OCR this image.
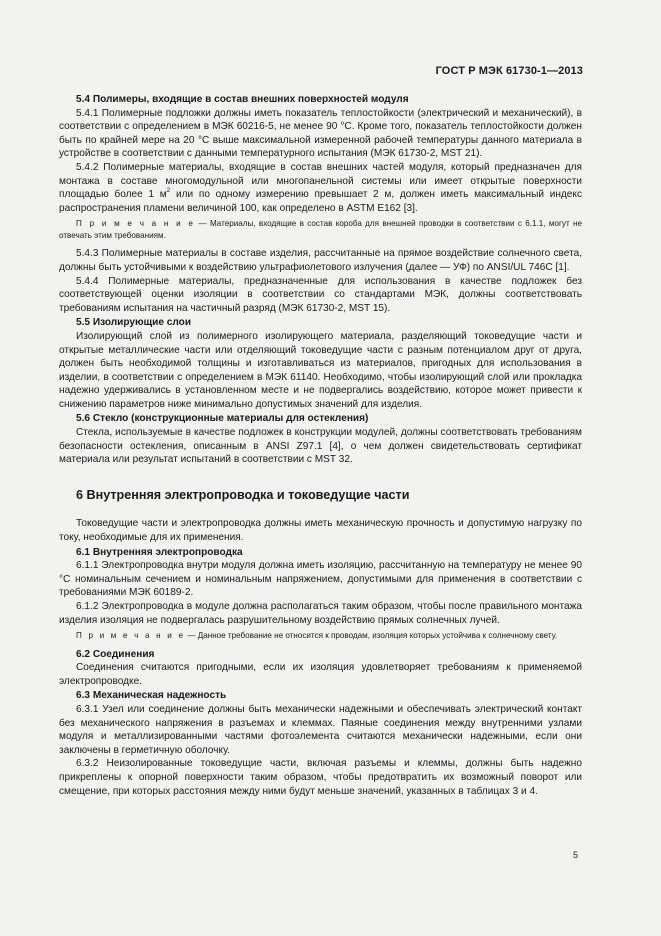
ГОСТ Р МЭК 61730-1—2013

5.4 Полимеры, входящие в состав внешних поверхностей модуля

5.4.1 Полимерные подложки должны иметь показатель теплостойкости (электрический и механический), в соответствии с определением в МЭК 60216-5, не менее 90 °С. Кроме того, показатель теплостойкости должен быть по крайней мере на 20 °С выше максимальной измеренной рабочей температуры данного материала в устройстве в соответствии с данными температурного испытания (МЭК 61730-2, MST 21).

5.4.2 Полимерные материалы, входящие в состав внешних частей модуля, который предназначен для монтажа в составе многомодульной или многопанельной системы или имеет открытые поверхности площадью более 1 $м^2$ или по одному измерению превышает 2 м, должен иметь максимальный индекс распространения пламени величиной 100, как определено в ASTM E162 [3].

П р и м е ч а н и е — Материалы, входящие в состав короба для внешней проводки в соответствии с 6.1.1, могут не отвечать этим требованиям.

5.4.3 Полимерные материалы в составе изделия, рассчитанные на прямое воздействие солнечного света, должны быть устойчивыми к воздействию ультрафиолетового излучения (далее — УФ) по ANSI/UL 746C [1].

5.4.4 Полимерные материалы, предназначенные для использования в качестве подложек без соответствующей оценки изоляции в соответствии со стандартами МЭК, должны соответствовать требованиям испытания на частичный разряд (МЭК 61730-2, MST 15).

5.5 Изолирующие слои

Изолирующий слой из полимерного изолирующего материала, разделяющий токоведущие части и открытые металлические части или отделяющий токоведущие части с разным потенциалом друг от друга, должен быть необходимой толщины и изготавливаться из материалов, пригодных для использования в изделии, в соответствии с определением в МЭК 61140. Необходимо, чтобы изолирующий слой или прокладка надежно удерживались в установленном месте и не подвергались воздействию, которое может привести к снижению параметров ниже минимально допустимых значений для изделия.

5.6 Стекло (конструкционные материалы для остекления)

Стекла, используемые в качестве подложек в конструкции модулей, должны соответствовать требованиям безопасности остекления, описанным в ANSI Z97.1 [4], о чем должен свидетельствовать сертификат материала или результат испытаний в соответствии с MST 32.

6 Внутренняя электропроводка и токоведущие части

Токоведущие части и электропроводка должны иметь механическую прочность и допустимую нагрузку по току, необходимые для их применения.

6.1 Внутренняя электропроводка

6.1.1 Электропроводка внутри модуля должна иметь изоляцию, рассчитанную на температуру не менее 90 °С номинальным сечением и номинальным напряжением, допустимыми для применения в соответствии с требованиями МЭК 60189-2.

6.1.2 Электропроводка в модуле должна располагаться таким образом, чтобы после правильного монтажа изделия изоляция не подвергалась разрушительному воздействию прямых солнечных лучей.

П р и м е ч а н и е — Данное требование не относится к проводам, изоляция которых устойчива к солнечному свету.

6.2 Соединения

Соединения считаются пригодными, если их изоляция удовлетворяет требованиям к применяемой электропроводке.

6.3 Механическая надежность

6.3.1 Узел или соединение должны быть механически надежными и обеспечивать электрический контакт без механического напряжения в разъемах и клеммах. Паяные соединения между внутренними узлами модуля и металлизированными частями фотоэлемента считаются механически надежными, если они заключены в герметичную оболочку.

6.3.2 Неизолированные токоведущие части, включая разъемы и клеммы, должны быть надежно прикреплены к опорной поверхности таким образом, чтобы предотвратить их возможный поворот или смещение, при которых расстояния между ними будут меньше значений, указанных в таблицах 3 и 4.

5
